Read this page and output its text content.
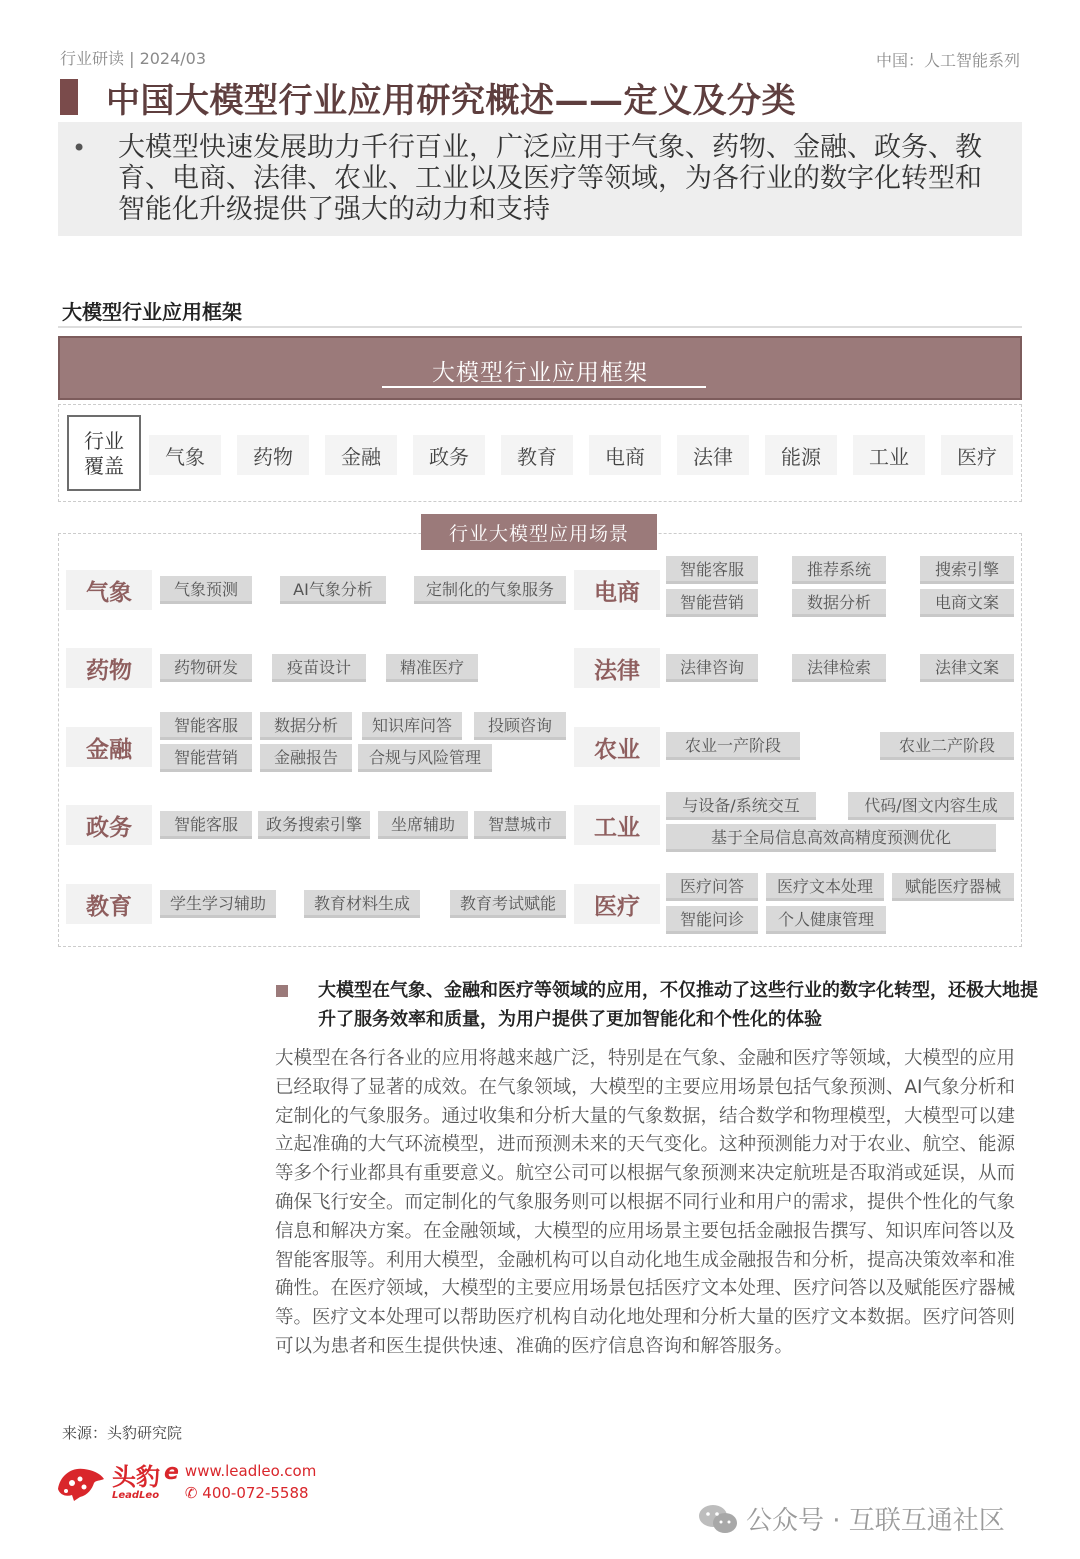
行业研读 | 2024/03	中国：人工智能系列
中国大模型行业应用研究概述——定义及分类
• 大模型快速发展助力千行百业，广泛应用于气象、药物、金融、政务、教育、电商、法律、农业、工业以及医疗等领域，为各行业的数字化转型和智能化升级提供了强大的动力和支持
大模型行业应用框架
大模型行业应用框架
行业
覆盖	气象	药物	金融	政务	教育	电商	法律	能源	工业	医疗
行业大模型应用场景
气象	气象预测	AI气象分析	定制化的气象服务
药物	药物研发	疫苗设计	精准医疗
金融
智能客服	数据分析	知识库问答	投顾咨询
智能营销	金融报告	合规与风险管理
政务	智能客服	政务搜索引擎	坐席辅助	智慧城市
教育	学生学习辅助	教育材料生成	教育考试赋能
电商
智能客服	推荐系统	搜索引擎
智能营销	数据分析	电商文案
法律	法律咨询	法律检索	法律文案
农业	农业一产阶段	农业二产阶段
工业
与设备/系统交互	代码/图文内容生成
基于全局信息高效高精度预测优化
医疗
医疗问答	医疗文本处理	赋能医疗器械
智能问诊	个人健康管理
大模型在气象、金融和医疗等领域的应用，不仅推动了这些行业的数字化转型，还极大地提升了服务效率和质量，为用户提供了更加智能化和个性化的体验
大模型在各行各业的应用将越来越广泛，特别是在气象、金融和医疗等领域，大模型的应用已经取得了显著的成效。在气象领域，大模型的主要应用场景包括气象预测、AI气象分析和定制化的气象服务。通过收集和分析大量的气象数据，结合数学和物理模型，大模型可以建立起准确的大气环流模型，进而预测未来的天气变化。这种预测能力对于农业、航空、能源等多个行业都具有重要意义。航空公司可以根据气象预测来决定航班是否取消或延误，从而确保飞行安全。而定制化的气象服务则可以根据不同行业和用户的需求，提供个性化的气象信息和解决方案。在金融领域，大模型的应用场景主要包括金融报告撰写、知识库问答以及智能客服等。利用大模型，金融机构可以自动化地生成金融报告和分析，提高决策效率和准确性。在医疗领域，大模型的主要应用场景包括医疗文本处理、医疗问答以及赋能医疗器械等。医疗文本处理可以帮助医疗机构自动化地处理和分析大量的医疗文本数据。医疗问答则可以为患者和医生提供快速、准确的医疗信息咨询和解答服务。
来源：头豹研究院
头豹
LeadLeo
e www.leadleo.com
✆ 400-072-5588
公众号 · 互联互通社区
